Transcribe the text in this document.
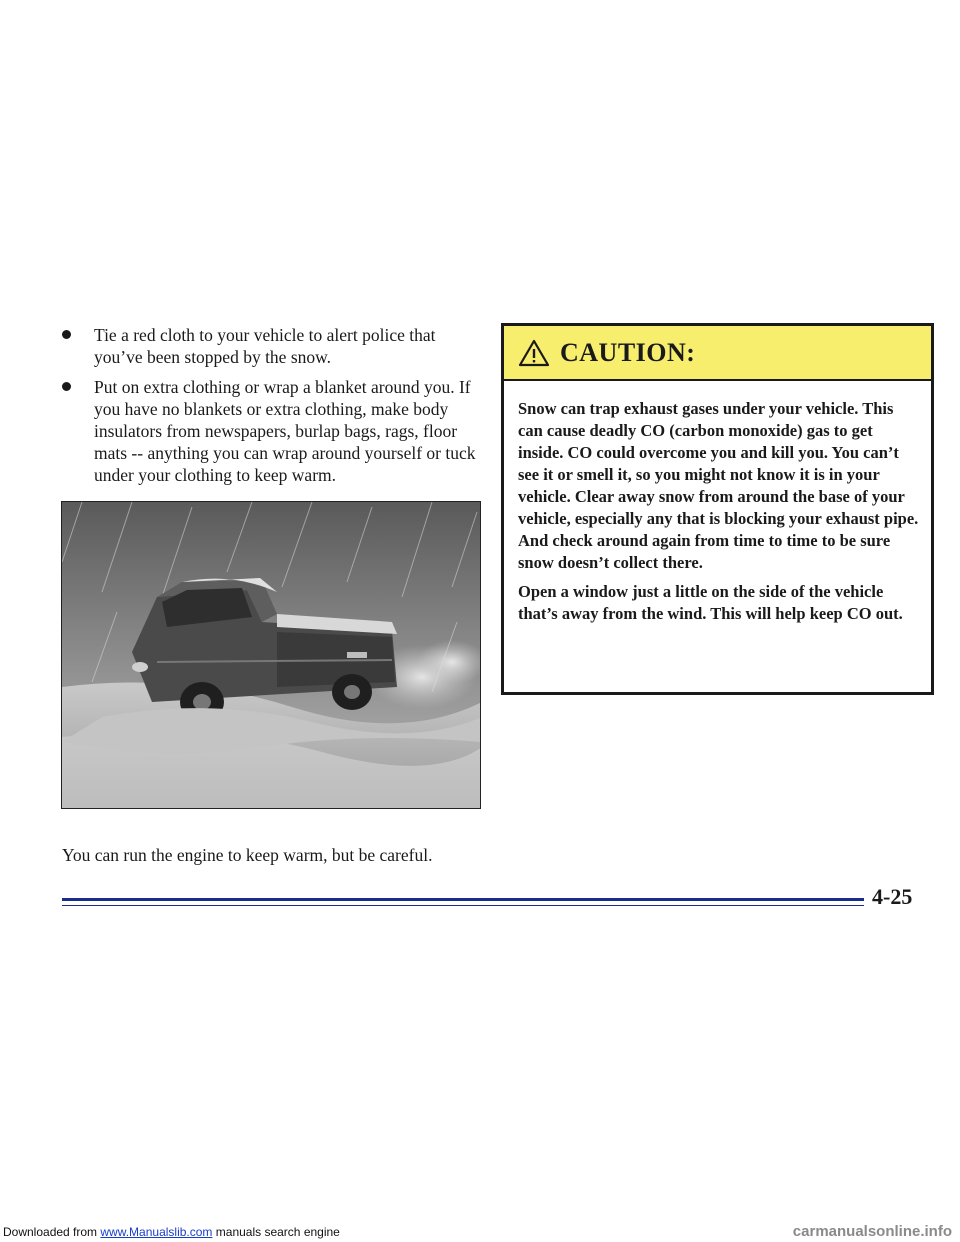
Tie a red cloth to your vehicle to alert police that you’ve been stopped by the snow.
Put on extra clothing or wrap a blanket around you. If you have no blankets or extra clothing, make body insulators from newspapers, burlap bags, rags, floor mats -- anything you can wrap around yourself or tuck under your clothing to keep warm.
You can run the engine to keep warm, but be careful.
CAUTION:

Snow can trap exhaust gases under your vehicle. This can cause deadly CO (carbon monoxide) gas to get inside. CO could overcome you and kill you. You can’t see it or smell it, so you might not know it is in your vehicle. Clear away snow from around the base of your vehicle, especially any that is blocking your exhaust pipe. And check around again from time to time to be sure snow doesn’t collect there.

Open a window just a little on the side of the vehicle that’s away from the wind. This will help keep CO out.

4-25
Downloaded from www.Manualslib.com manuals search engine	carmanualsonline.info
